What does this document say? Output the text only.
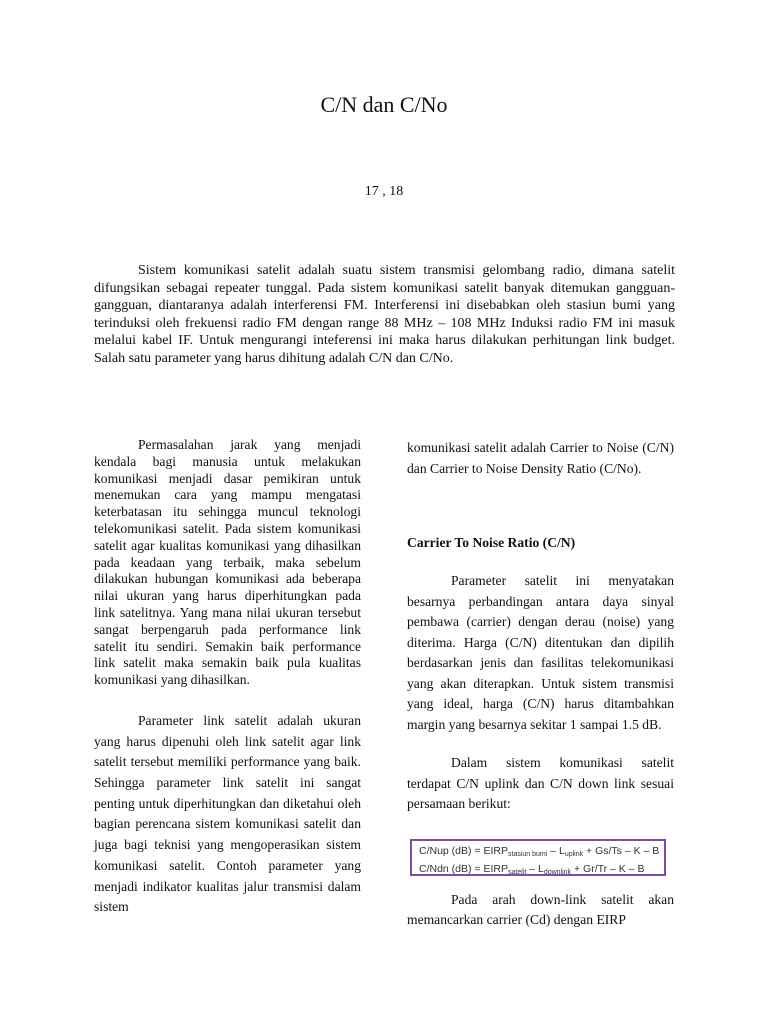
C/N dan C/No
17 , 18

Sistem komunikasi satelit adalah suatu sistem transmisi gelombang radio, dimana satelit difungsikan sebagai repeater tunggal. Pada sistem komunikasi satelit banyak ditemukan gangguan-gangguan, diantaranya adalah interferensi FM. Interferensi ini disebabkan oleh stasiun bumi yang terinduksi oleh frekuensi radio FM dengan range 88 MHz – 108 MHz Induksi radio FM ini masuk melalui kabel IF. Untuk mengurangi inteferensi ini maka harus dilakukan perhitungan link budget. Salah satu parameter yang harus dihitung adalah C/N dan C/No.

Permasalahan jarak yang menjadi kendala bagi manusia untuk melakukan komunikasi menjadi dasar pemikiran untuk menemukan cara yang mampu mengatasi keterbatasan itu sehingga muncul teknologi telekomunikasi satelit. Pada sistem komunikasi satelit agar kualitas komunikasi yang dihasilkan pada keadaan yang terbaik, maka sebelum dilakukan hubungan komunikasi ada beberapa nilai ukuran yang harus diperhitungkan pada link satelitnya. Yang mana nilai ukuran tersebut sangat berpengaruh pada performance link satelit itu sendiri. Semakin baik performance link satelit maka semakin baik pula kualitas komunikasi yang dihasilkan.

Parameter link satelit adalah ukuran yang harus dipenuhi oleh link satelit agar link satelit tersebut memiliki performance yang baik. Sehingga parameter link satelit ini sangat penting untuk diperhitungkan dan diketahui oleh bagian perencana sistem komunikasi satelit dan juga bagi teknisi yang mengoperasikan sistem komunikasi satelit. Contoh parameter yang menjadi indikator kualitas jalur transmisi dalam sistem

komunikasi satelit adalah Carrier to Noise (C/N) dan Carrier to Noise Density Ratio (C/No).

Carrier To Noise Ratio (C/N)

Parameter satelit ini menyatakan besarnya perbandingan antara daya sinyal pembawa (carrier) dengan derau (noise) yang diterima. Harga (C/N) ditentukan dan dipilih berdasarkan jenis dan fasilitas telekomunikasi yang akan diterapkan. Untuk sistem transmisi yang ideal, harga (C/N) harus ditambahkan margin yang besarnya sekitar 1 sampai 1.5 dB.

Dalam sistem komunikasi satelit terdapat C/N uplink dan C/N down link sesuai persamaan berikut:

C/Nup $(dB) = EIRP_{stasiun bumi} - L_{uplink} + Gs/Ts - K - B$
C/Ndn $(dB) = EIRP_{satelit} - L_{downlink} + Gr/Tr - K - B$

Pada arah down-link satelit akan memancarkan carrier (Cd) dengan EIRP
